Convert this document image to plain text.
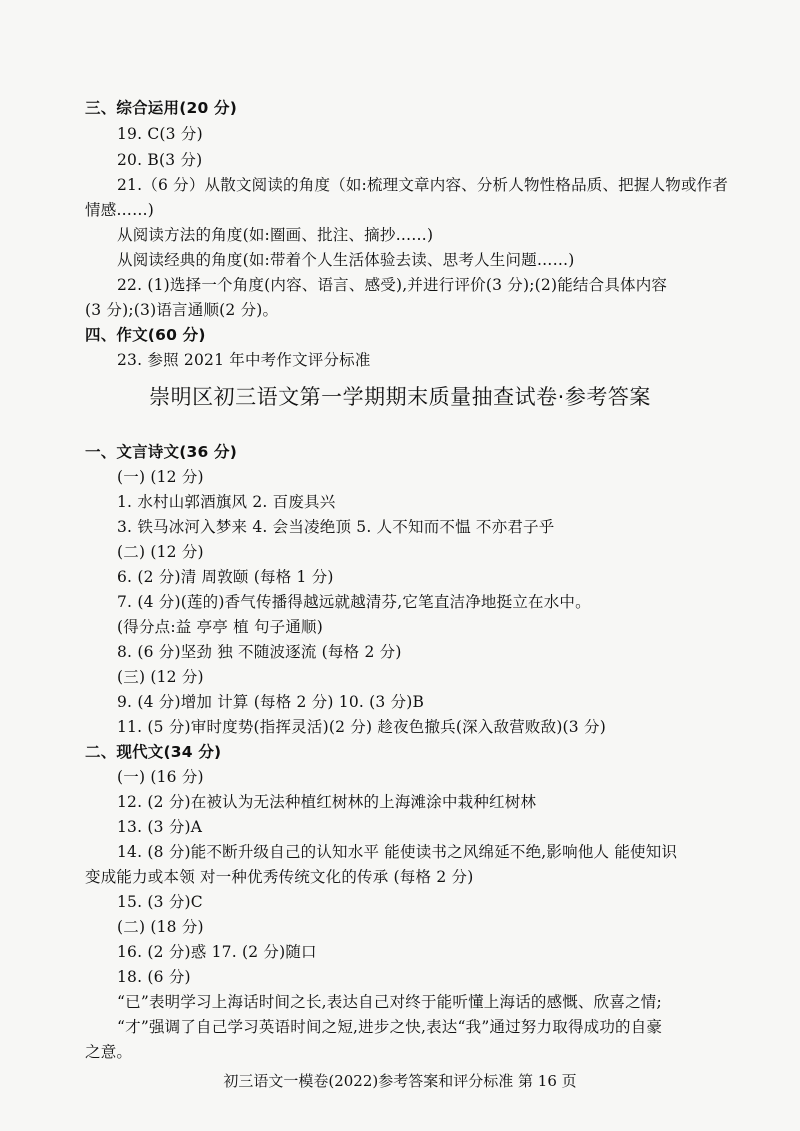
三、综合运用(20 分)
19. C(3 分)
20. B(3 分)
21.（6 分）从散文阅读的角度（如:梳理文章内容、分析人物性格品质、把握人物或作者
情感……)
从阅读方法的角度(如:圈画、批注、摘抄……)
从阅读经典的角度(如:带着个人生活体验去读、思考人生问题……)
22. (1)选择一个角度(内容、语言、感受),并进行评价(3 分);(2)能结合具体内容
(3 分);(3)语言通顺(2 分)。
四、作文(60 分)
23. 参照 2021 年中考作文评分标准
崇明区初三语文第一学期期末质量抽查试卷·参考答案
一、文言诗文(36 分)
(一) (12 分)
1. 水村山郭酒旗风 2. 百废具兴
3. 铁马冰河入梦来 4. 会当凌绝顶 5. 人不知而不愠 不亦君子乎
(二) (12 分)
6. (2 分)清 周敦颐 (每格 1 分)
7. (4 分)(莲的)香气传播得越远就越清芬,它笔直洁净地挺立在水中。
(得分点:益 亭亭 植 句子通顺)
8. (6 分)坚劲 独 不随波逐流 (每格 2 分)
(三) (12 分)
9. (4 分)增加 计算 (每格 2 分) 10. (3 分)B
11. (5 分)审时度势(指挥灵活)(2 分) 趁夜色撤兵(深入敌营败敌)(3 分)
二、现代文(34 分)
(一) (16 分)
12. (2 分)在被认为无法种植红树林的上海滩涂中栽种红树林
13. (3 分)A
14. (8 分)能不断升级自己的认知水平 能使读书之风绵延不绝,影响他人 能使知识
变成能力或本领 对一种优秀传统文化的传承 (每格 2 分)
15. (3 分)C
(二) (18 分)
16. (2 分)惑 17. (2 分)随口
18. (6 分)
“已”表明学习上海话时间之长,表达自己对终于能听懂上海话的感慨、欣喜之情;
“才”强调了自己学习英语时间之短,进步之快,表达“我”通过努力取得成功的自豪
之意。
初三语文一模卷(2022)参考答案和评分标准 第 16 页
